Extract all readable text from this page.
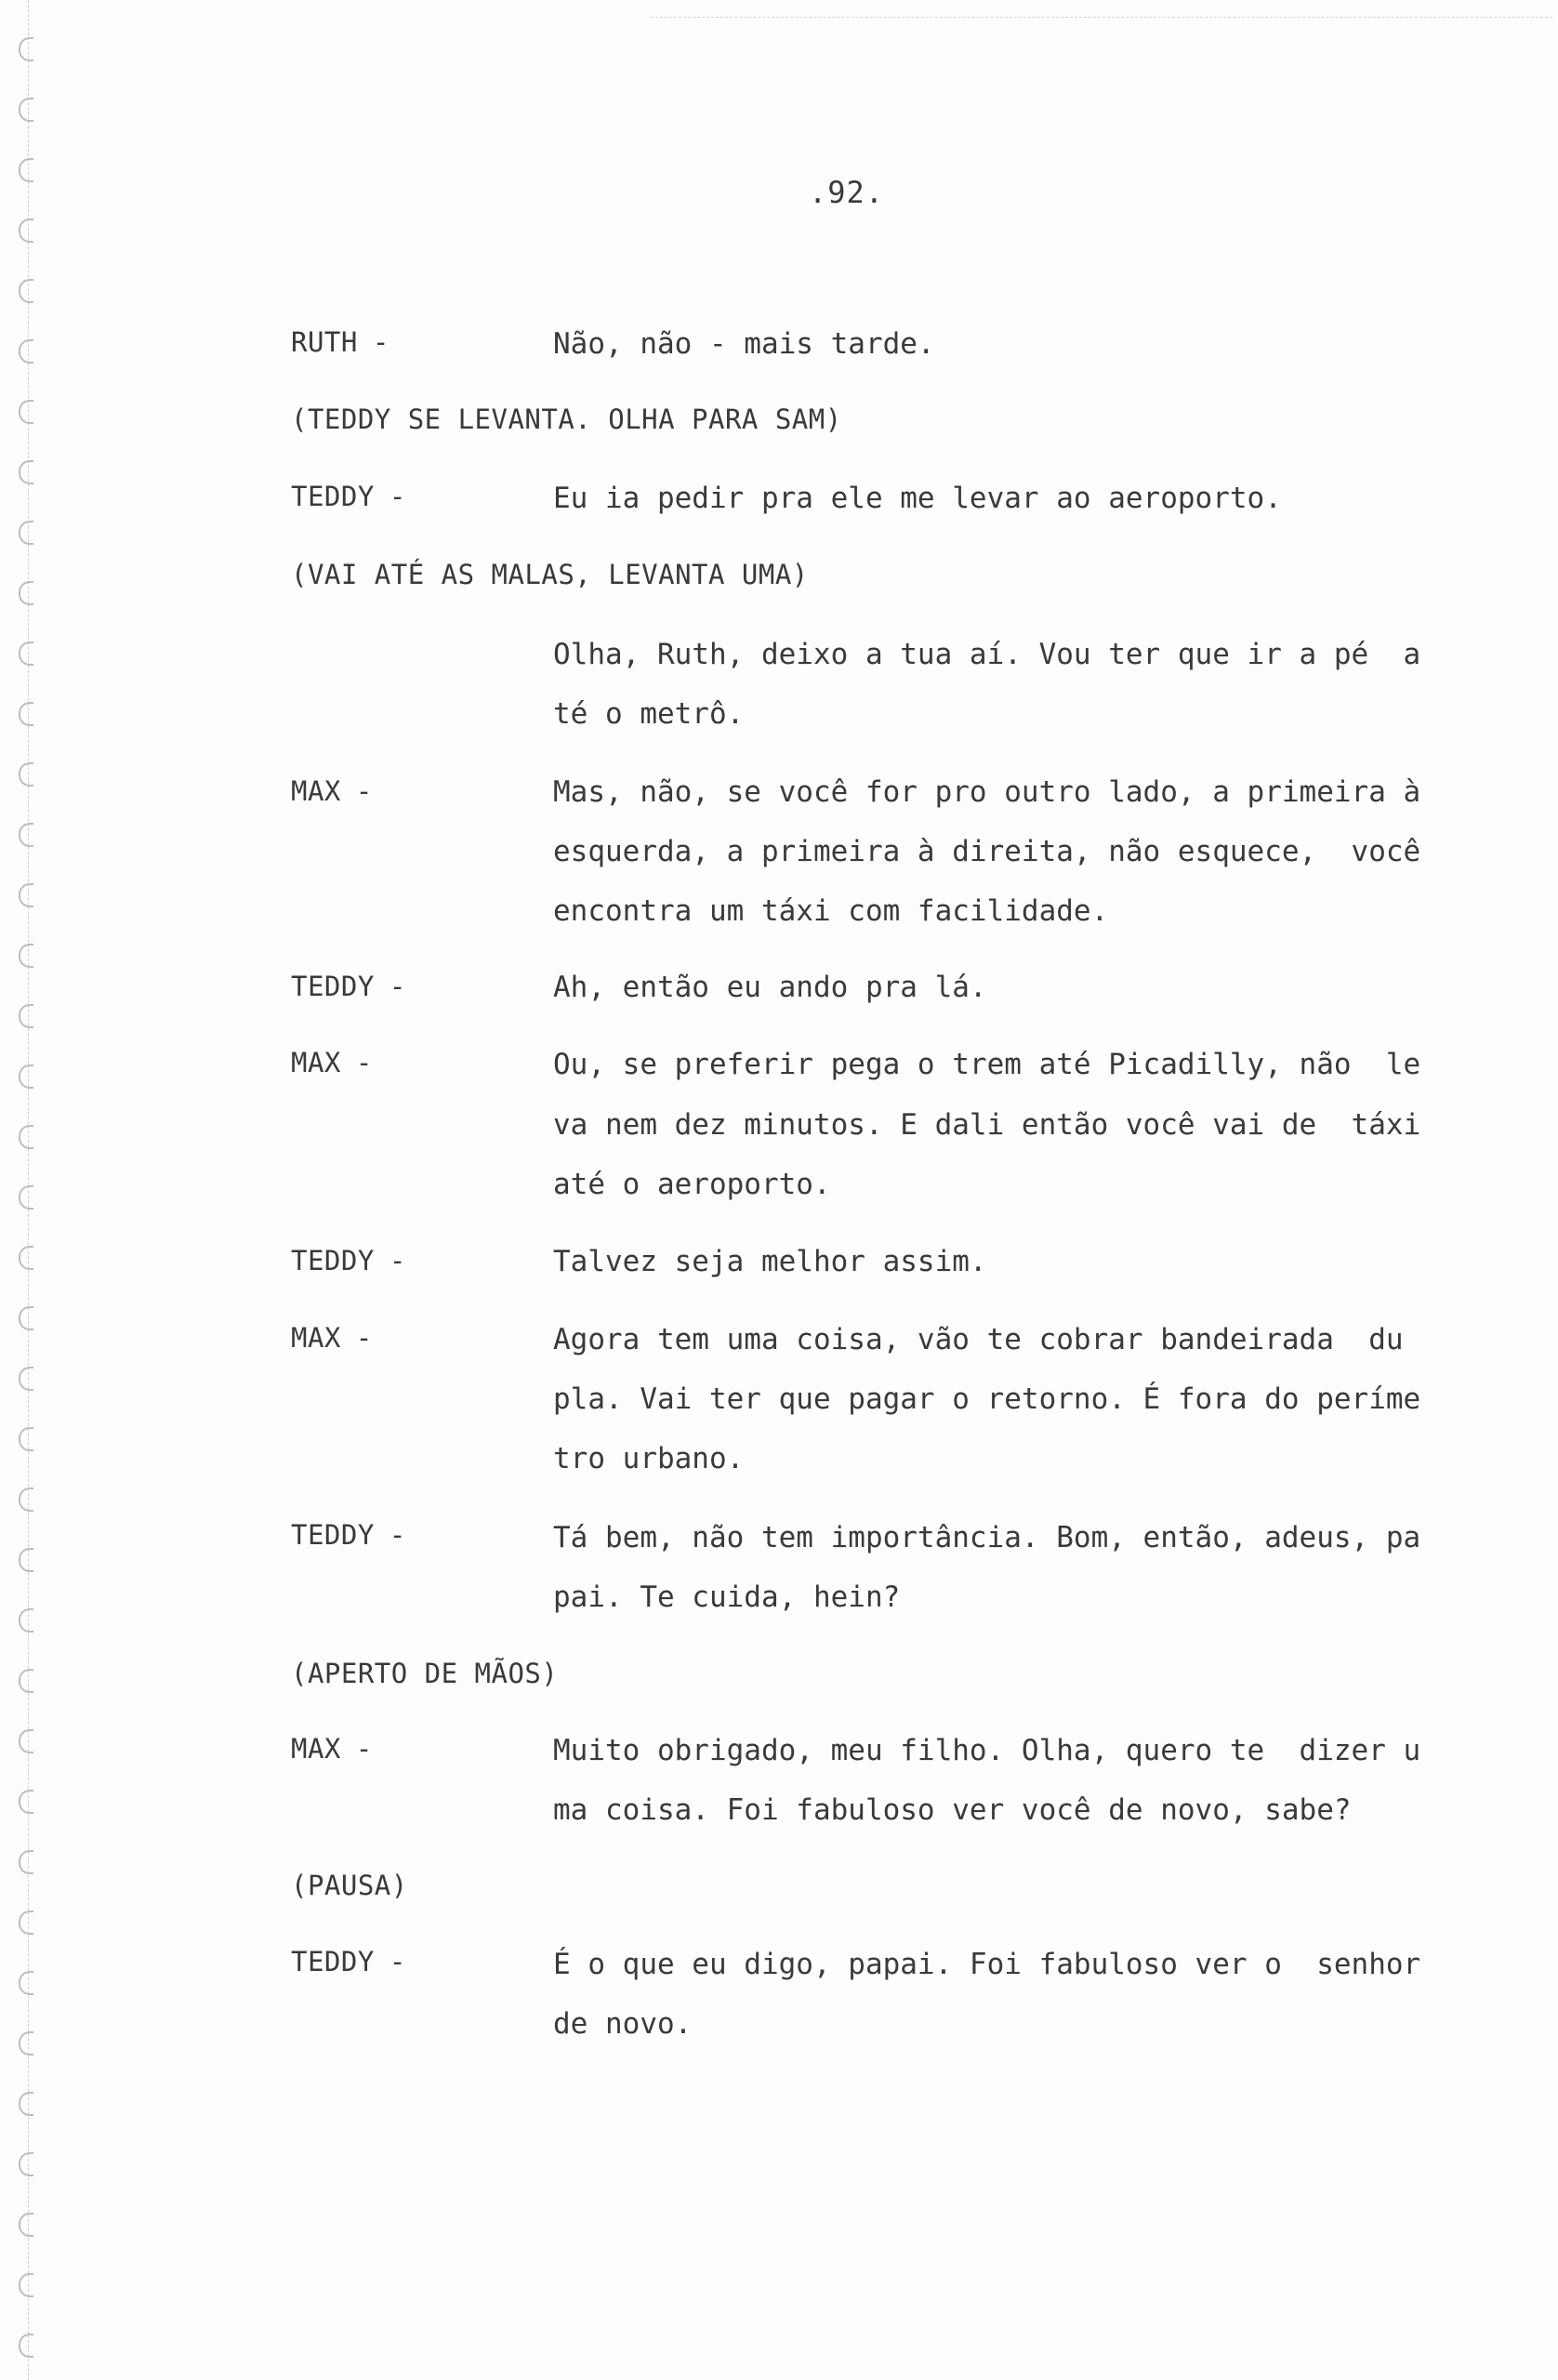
.92.
RUTH -	Não, não - mais tarde.
(TEDDY SE LEVANTA. OLHA PARA SAM)
TEDDY -	Eu ia pedir pra ele me levar ao aeroporto.
(VAI ATÉ AS MALAS, LEVANTA UMA)
Olha, Ruth, deixo a tua aí. Vou ter que ir a pé  a
té o metrô.
MAX -	Mas, não, se você for pro outro lado, a primeira à
esquerda, a primeira à direita, não esquece,  você
encontra um táxi com facilidade.
TEDDY -	Ah, então eu ando pra lá.
MAX -	Ou, se preferir pega o trem até Picadilly, não  le
va nem dez minutos. E dali então você vai de  táxi
até o aeroporto.
TEDDY -	Talvez seja melhor assim.
MAX -	Agora tem uma coisa, vão te cobrar bandeirada  du
pla. Vai ter que pagar o retorno. É fora do períme
tro urbano.
TEDDY -	Tá bem, não tem importância. Bom, então, adeus, pa
pai. Te cuida, hein?
(APERTO DE MÃOS)
MAX -	Muito obrigado, meu filho. Olha, quero te  dizer u
ma coisa. Foi fabuloso ver você de novo, sabe?
(PAUSA)
TEDDY -	É o que eu digo, papai. Foi fabuloso ver o  senhor
de novo.
